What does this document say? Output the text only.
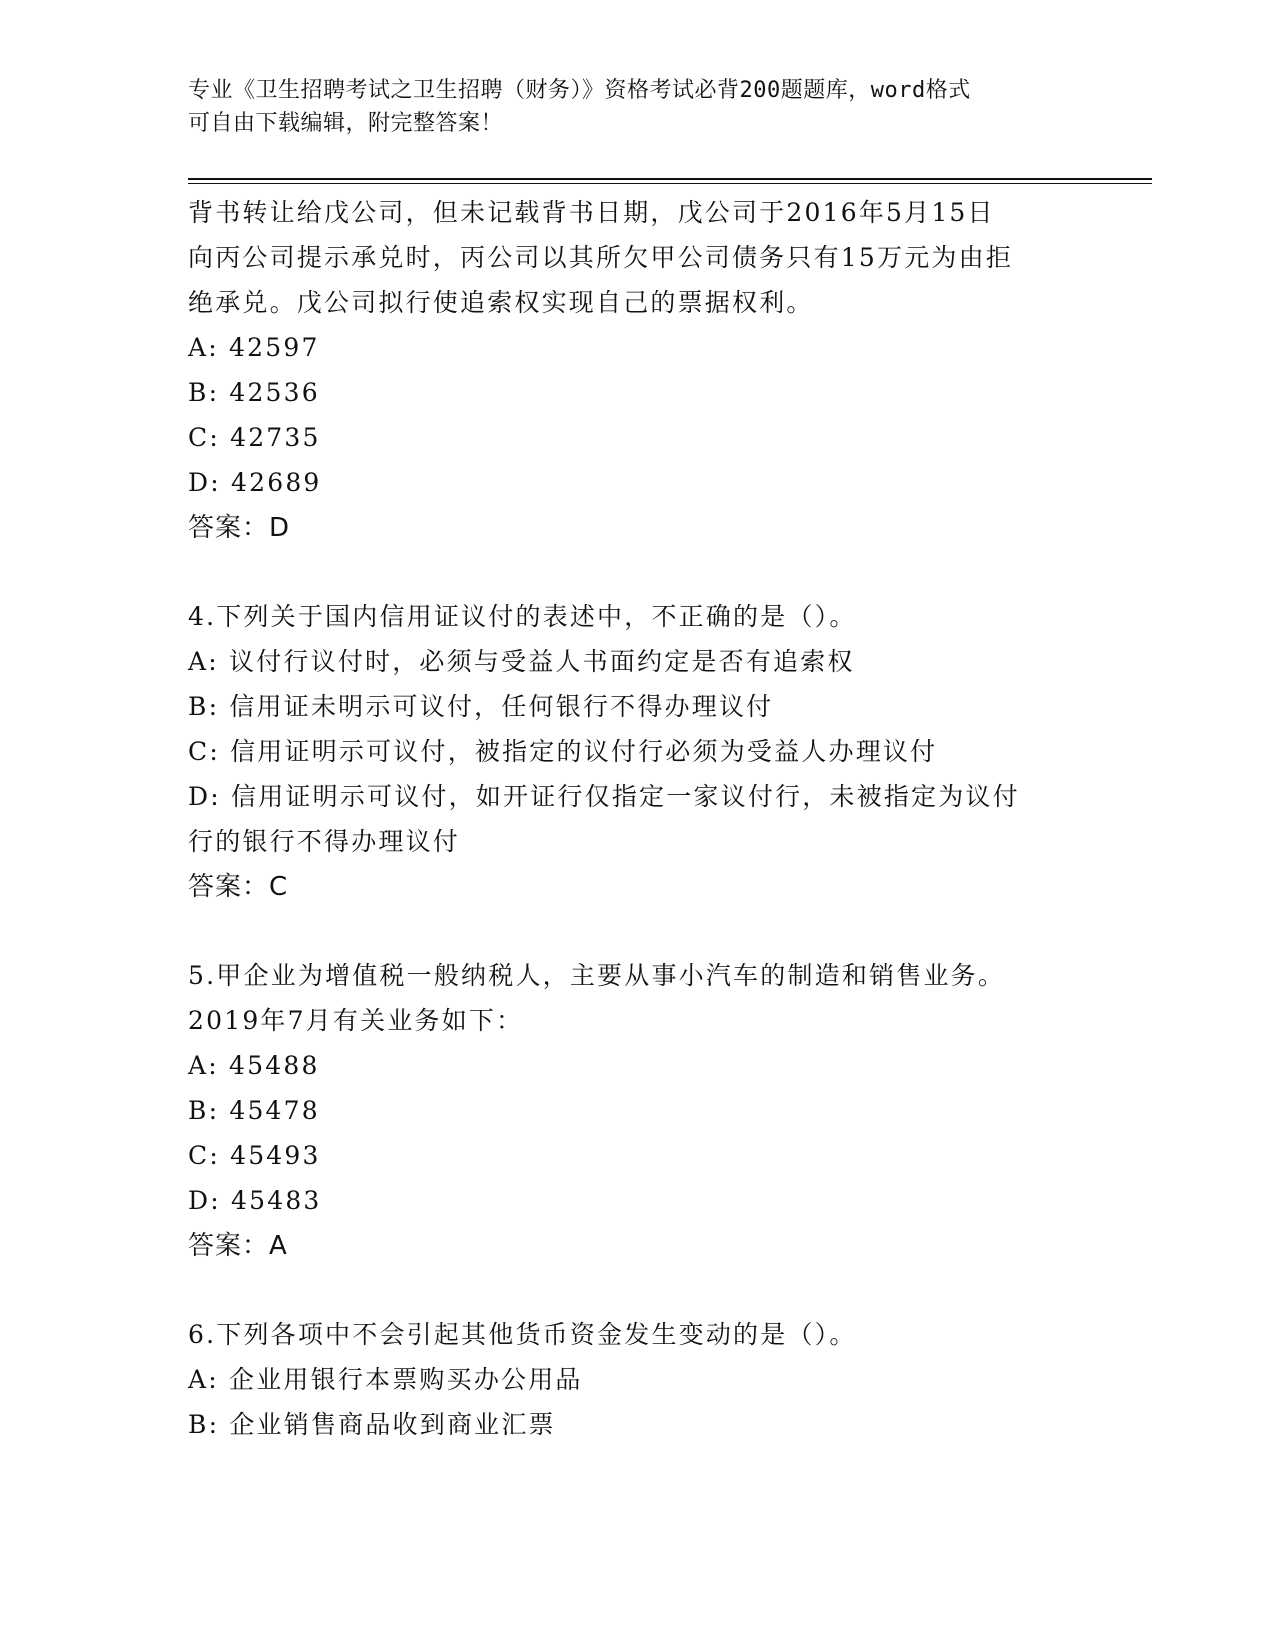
专业《卫生招聘考试之卫生招聘（财务）》资格考试必背200题题库，word格式
可自由下载编辑，附完整答案！
背书转让给戊公司，但未记载背书日期，戊公司于2016年5月15日
向丙公司提示承兑时，丙公司以其所欠甲公司债务只有15万元为由拒
绝承兑。戊公司拟行使追索权实现自己的票据权利。
A: 42597
B: 42536
C: 42735
D: 42689
答案：D
4.下列关于国内信用证议付的表述中，不正确的是（）。
A: 议付行议付时，必须与受益人书面约定是否有追索权
B: 信用证未明示可议付，任何银行不得办理议付
C: 信用证明示可议付，被指定的议付行必须为受益人办理议付
D: 信用证明示可议付，如开证行仅指定一家议付行，未被指定为议付
行的银行不得办理议付
答案：C
5.甲企业为增值税一般纳税人，主要从事小汽车的制造和销售业务。
2019年7月有关业务如下：
A: 45488
B: 45478
C: 45493
D: 45483
答案：A
6.下列各项中不会引起其他货币资金发生变动的是（）。
A: 企业用银行本票购买办公用品
B: 企业销售商品收到商业汇票
